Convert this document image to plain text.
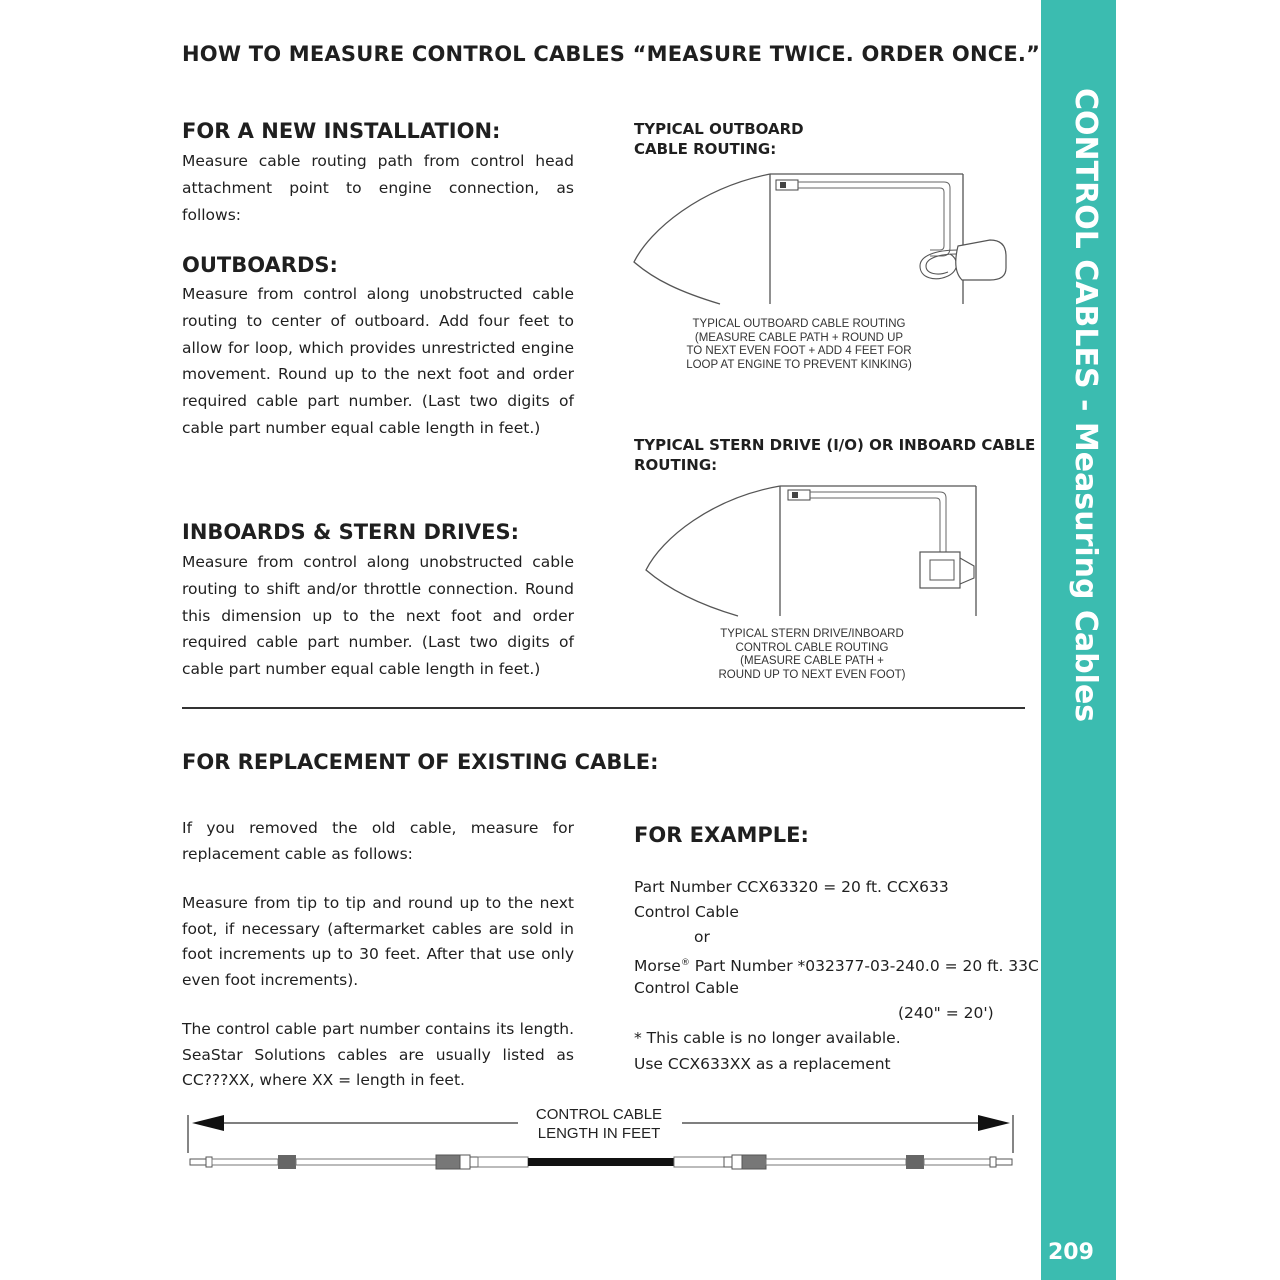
HOW TO MEASURE CONTROL CABLES “MEASURE TWICE. ORDER ONCE.”
FOR A NEW INSTALLATION:
Measure cable routing path from control head attachment point to engine connection, as follows:
OUTBOARDS:
Measure from control along unobstructed cable routing to center of outboard. Add four feet to allow for loop, which provides unrestricted engine movement. Round up to the next foot and order required cable part number. (Last two digits of cable part number equal cable length in feet.)
INBOARDS & STERN DRIVES:
Measure from control along unobstructed cable routing to shift and/or throttle connection. Round this dimension up to the next foot and order required cable part number. (Last two digits of cable part number equal cable length in feet.)
TYPICAL OUTBOARD
CABLE ROUTING:
TYPICAL OUTBOARD CABLE ROUTING
(MEASURE CABLE PATH + ROUND UP
TO NEXT EVEN FOOT + ADD 4 FEET FOR
LOOP AT ENGINE TO PREVENT KINKING)
TYPICAL STERN DRIVE (I/O) OR INBOARD CABLE
ROUTING:
TYPICAL STERN DRIVE/INBOARD
CONTROL CABLE ROUTING
(MEASURE CABLE PATH +
ROUND UP TO NEXT EVEN FOOT)
FOR REPLACEMENT OF EXISTING CABLE:
If you removed the old cable, measure for replacement cable as follows:
Measure from tip to tip and round up to the next foot, if necessary (aftermarket cables are sold in foot increments up to 30 feet. After that use only even foot increments).
The control cable part number contains its length. SeaStar Solutions cables are usually listed as CC???XX, where XX = length in feet.
FOR EXAMPLE:
Part Number CCX63320 = 20 ft. CCX633
Control Cable
or
Morse® Part Number *032377-03-240.0 = 20 ft. 33C
Control Cable
(240" = 20')
* This cable is no longer available.
Use CCX633XX as a replacement
CONTROL CABLE
LENGTH IN FEET
CONTROL CABLES - Measuring Cables
209
